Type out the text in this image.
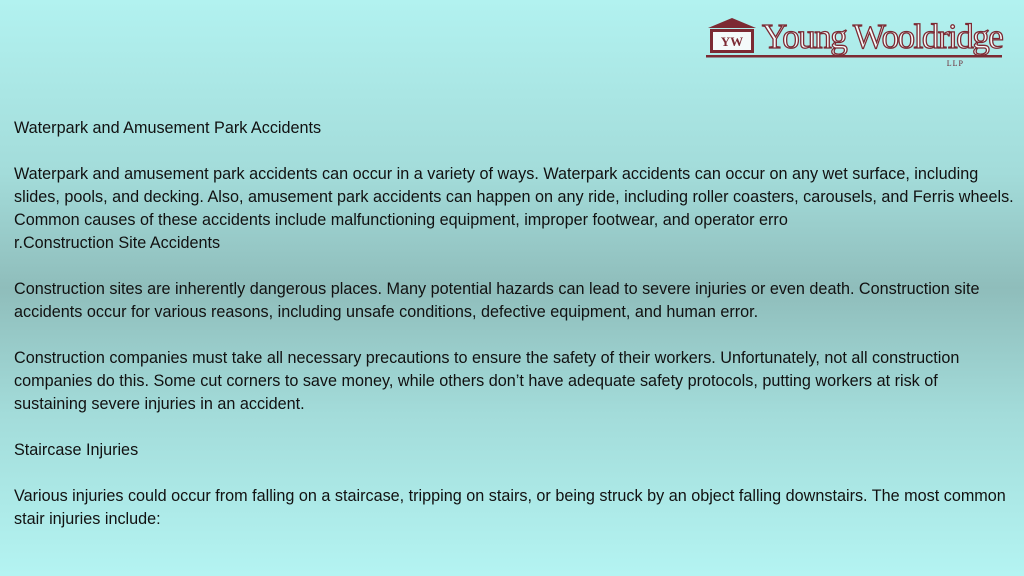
YW Young Wooldridge
LLP

Waterpark and Amusement Park Accidents

Waterpark and amusement park accidents can occur in a variety of ways. Waterpark accidents can occur on any wet surface, including slides, pools, and decking. Also, amusement park accidents can happen on any ride, including roller coasters, carousels, and Ferris wheels. Common causes of these accidents include malfunctioning equipment, improper footwear, and operator erro

r.Construction Site Accidents

Construction sites are inherently dangerous places. Many potential hazards can lead to severe injuries or even death. Construction site accidents occur for various reasons, including unsafe conditions, defective equipment, and human error.

Construction companies must take all necessary precautions to ensure the safety of their workers. Unfortunately, not all construction companies do this. Some cut corners to save money, while others don’t have adequate safety protocols, putting workers at risk of sustaining severe injuries in an accident.

Staircase Injuries

Various injuries could occur from falling on a staircase, tripping on stairs, or being struck by an object falling downstairs. The most common stair injuries include:
